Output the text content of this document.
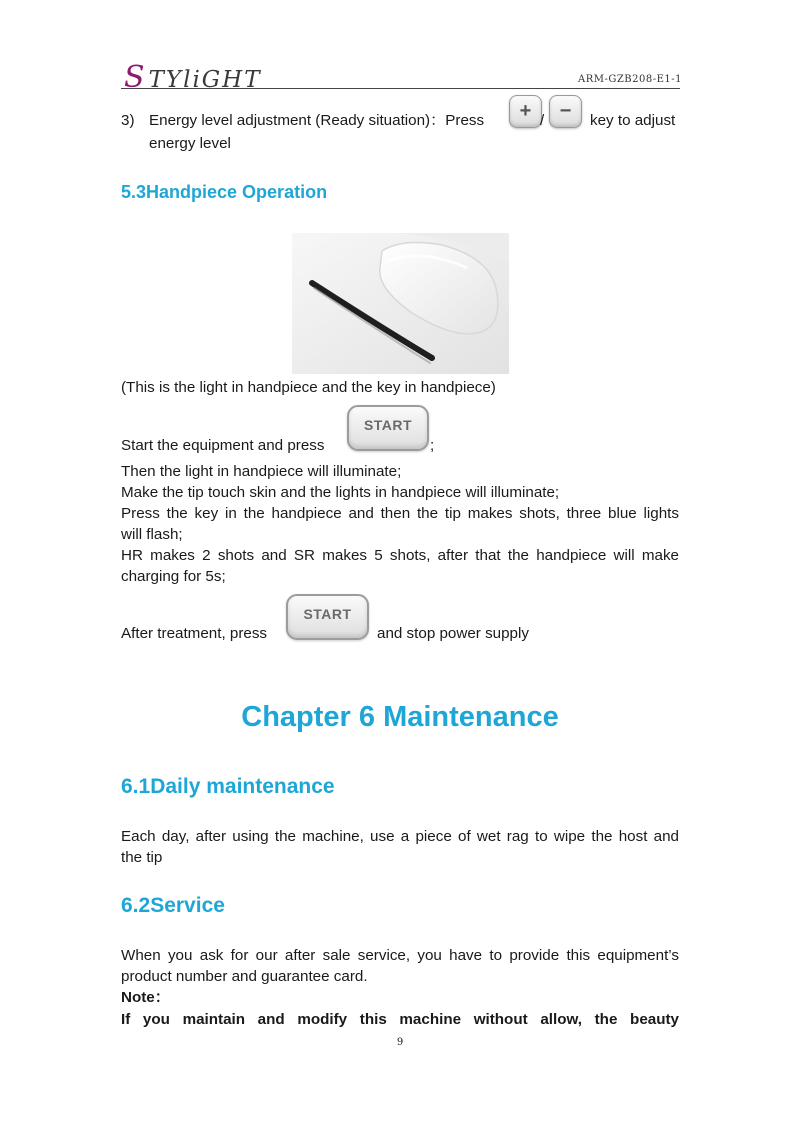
STYliGHT	ARM-GZB208-E1-1
3) Energy level adjustment (Ready situation)：Press + / − key to adjust
energy level
5.3Handpiece Operation
(This is the light in handpiece and the key in handpiece)
Start the equipment and press
START
;
Then the light in handpiece will illuminate;
Make the tip touch skin and the lights in handpiece will illuminate;
Press the key in the handpiece and then the tip makes shots, three blue lights
will flash;
HR makes 2 shots and SR makes 5 shots, after that the handpiece will make
charging for 5s;
After treatment, press
START
and stop power supply
Chapter 6 Maintenance
6.1Daily maintenance
Each day, after using the machine, use a piece of wet rag to wipe the host and
the tip
6.2Service
When you ask for our after sale service, you have to provide this equipment’s
product number and guarantee card.
Note：
If you maintain and modify this machine without allow, the beauty
9
